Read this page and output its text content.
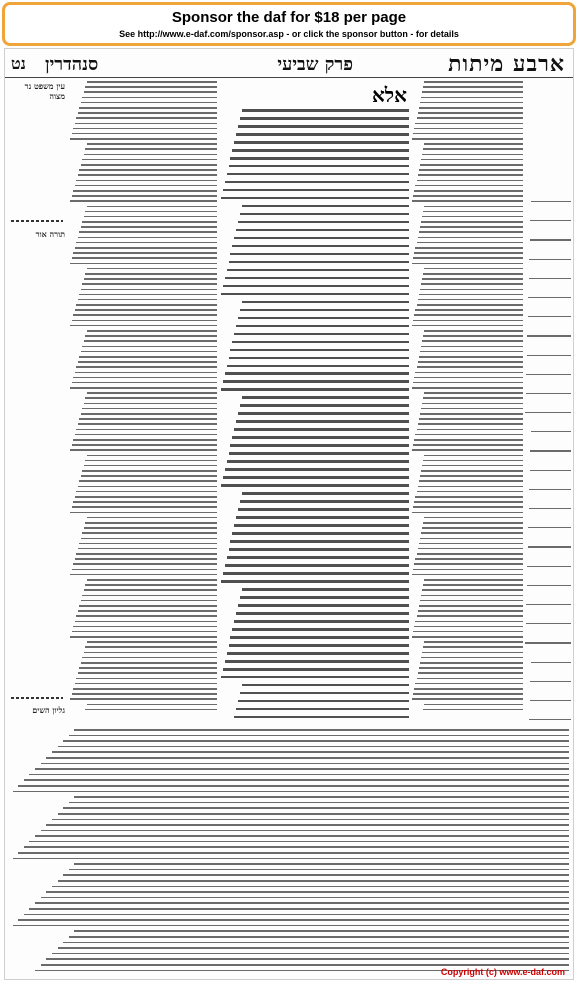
Sponsor the daf for $18 per page
See http://www.e-daf.com/sponsor.asp - or click the sponsor button - for details
ארבע מיתות
פרק שביעי
סנהדרין
נט
עין משפט נר מצוה
תורה אור
גליון השים
אלא
Copyright (c) www.e-daf.com
